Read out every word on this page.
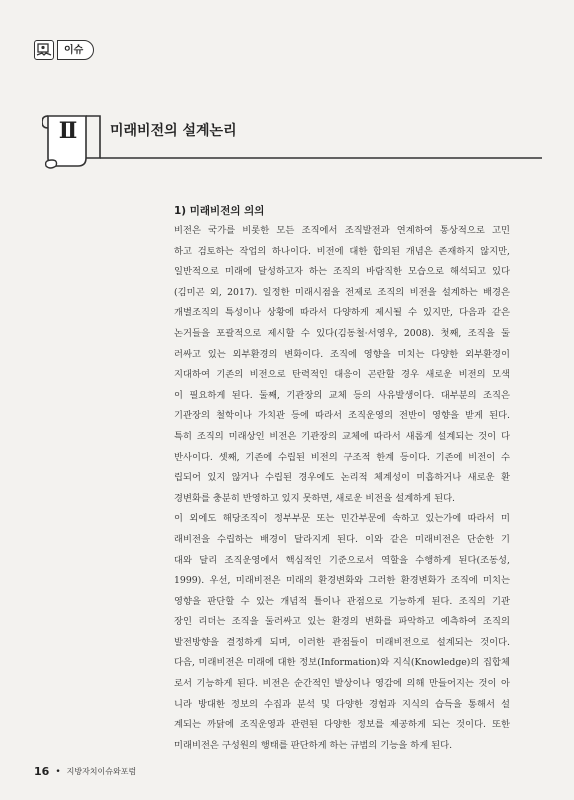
이슈
Ⅱ	미래비전의 설계논리
1) 미래비전의 의의
비전은 국가를 비롯한 모든 조직에서 조직발전과 연계하여 통상적으로 고민
하고 검토하는 작업의 하나이다. 비전에 대한 합의된 개념은 존재하지 않지만,
일반적으로 미래에 달성하고자 하는 조직의 바람직한 모습으로 해석되고 있다
(김미곤 외, 2017). 일정한 미래시점을 전제로 조직의 비전을 설계하는 배경은
개별조직의 특성이나 상황에 따라서 다양하게 제시될 수 있지만, 다음과 같은
논거들을 포괄적으로 제시할 수 있다(김동철·서영우, 2008). 첫째, 조직을 둘
러싸고 있는 외부환경의 변화이다. 조직에 영향을 미치는 다양한 외부환경이
지대하여 기존의 비전으로 탄력적인 대응이 곤란할 경우 새로운 비전의 모색
이 필요하게 된다. 둘째, 기관장의 교체 등의 사유발생이다. 대부분의 조직은
기관장의 철학이나 가치관 등에 따라서 조직운영의 전반이 영향을 받게 된다.
특히 조직의 미래상인 비전은 기관장의 교체에 따라서 새롭게 설계되는 것이 다
반사이다. 셋째, 기존에 수립된 비전의 구조적 한계 등이다. 기존에 비전이 수
립되어 있지 않거나 수립된 경우에도 논리적 체계성이 미흡하거나 새로운 환
경변화를 충분히 반영하고 있지 못하면, 새로운 비전을 설계하게 된다.
이 외에도 해당조직이 정부부문 또는 민간부문에 속하고 있는가에 따라서 미
래비전을 수립하는 배경이 달라지게 된다. 이와 같은 미래비전은 단순한 기
대와 달리 조직운영에서 핵심적인 기준으로서 역할을 수행하게 된다(조동성,
1999). 우선, 미래비전은 미래의 환경변화와 그러한 환경변화가 조직에 미치는
영향을 판단할 수 있는 개념적 틀이나 관점으로 기능하게 된다. 조직의 기관
장인 리더는 조직을 둘러싸고 있는 환경의 변화를 파악하고 예측하여 조직의
발전방향을 결정하게 되며, 이러한 관점들이 미래비전으로 설계되는 것이다.
다음, 미래비전은 미래에 대한 정보(Information)와 지식(Knowledge)의 집합체
로서 기능하게 된다. 비전은 순간적인 발상이나 영감에 의해 만들어지는 것이 아
니라 방대한 정보의 수집과 분석 및 다양한 경험과 지식의 습득을 통해서 설
계되는 까닭에 조직운영과 관련된 다양한 정보를 제공하게 되는 것이다. 또한
미래비전은 구성원의 행태를 판단하게 하는 규범의 기능을 하게 된다.
16 • 지방자치이슈와포럼
